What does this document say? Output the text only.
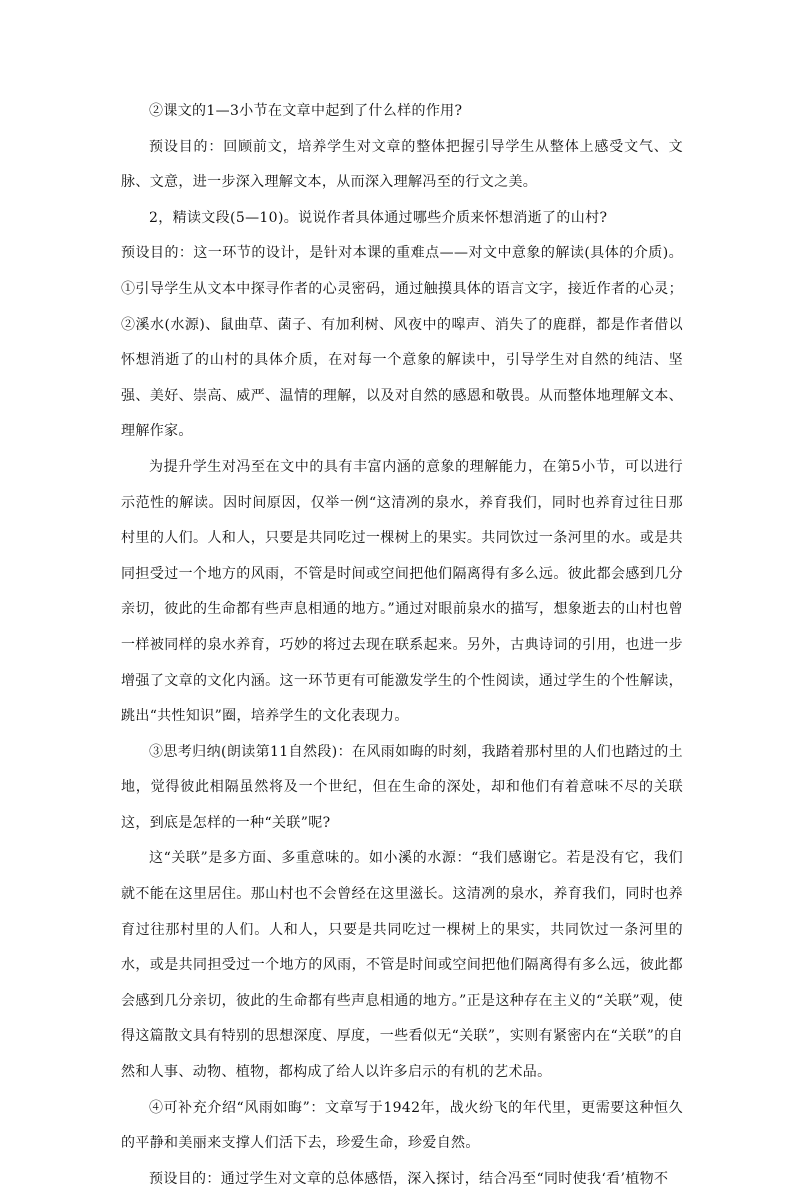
②课文的1—3小节在文章中起到了什么样的作用?

预设目的：回顾前文，培养学生对文章的整体把握引导学生从整体上感受文气、文脉、文意，进一步深入理解文本，从而深入理解冯至的行文之美。

2，精读文段(5—10)。说说作者具体通过哪些介质来怀想消逝了的山村?

预设目的：这一环节的设计，是针对本课的重难点——对文中意象的解读(具体的介质)。①引导学生从文本中探寻作者的心灵密码，通过触摸具体的语言文字，接近作者的心灵；②溪水(水源)、鼠曲草、菌子、有加利树、风夜中的嗥声、消失了的鹿群，都是作者借以怀想消逝了的山村的具体介质，在对每一个意象的解读中，引导学生对自然的纯洁、坚强、美好、崇高、威严、温情的理解，以及对自然的感恩和敬畏。从而整体地理解文本、理解作家。

为提升学生对冯至在文中的具有丰富内涵的意象的理解能力，在第5小节，可以进行示范性的解读。因时间原因，仅举一例“这清冽的泉水，养育我们，同时也养育过往日那村里的人们。人和人，只要是共同吃过一棵树上的果实。共同饮过一条河里的水。或是共同担受过一个地方的风雨，不管是时间或空间把他们隔离得有多么远。彼此都会感到几分亲切，彼此的生命都有些声息相通的地方。”通过对眼前泉水的描写，想象逝去的山村也曾一样被同样的泉水养育，巧妙的将过去现在联系起来。另外，古典诗词的引用，也进一步增强了文章的文化内涵。这一环节更有可能激发学生的个性阅读，通过学生的个性解读，跳出“共性知识”圈，培养学生的文化表现力。

③思考归纳(朗读第11自然段)：在风雨如晦的时刻，我踏着那村里的人们也踏过的土地，觉得彼此相隔虽然将及一个世纪，但在生命的深处，却和他们有着意味不尽的关联这，到底是怎样的一种“关联”呢?

这“关联”是多方面、多重意味的。如小溪的水源：“我们感谢它。若是没有它，我们就不能在这里居住。那山村也不会曾经在这里滋长。这清冽的泉水，养育我们，同时也养育过往那村里的人们。人和人，只要是共同吃过一棵树上的果实，共同饮过一条河里的水，或是共同担受过一个地方的风雨，不管是时间或空间把他们隔离得有多么远，彼此都会感到几分亲切，彼此的生命都有些声息相通的地方。”正是这种存在主义的“关联”观，使得这篇散文具有特别的思想深度、厚度，一些看似无“关联”，实则有紧密内在“关联”的自然和人事、动物、植物，都构成了给人以许多启示的有机的艺术品。

④可补充介绍“风雨如晦”：文章写于1942年，战火纷飞的年代里，更需要这种恒久的平静和美丽来支撑人们活下去，珍爱生命，珍爱自然。

预设目的：通过学生对文章的总体感悟，深入探讨，结合冯至“同时使我‘看’植物不
